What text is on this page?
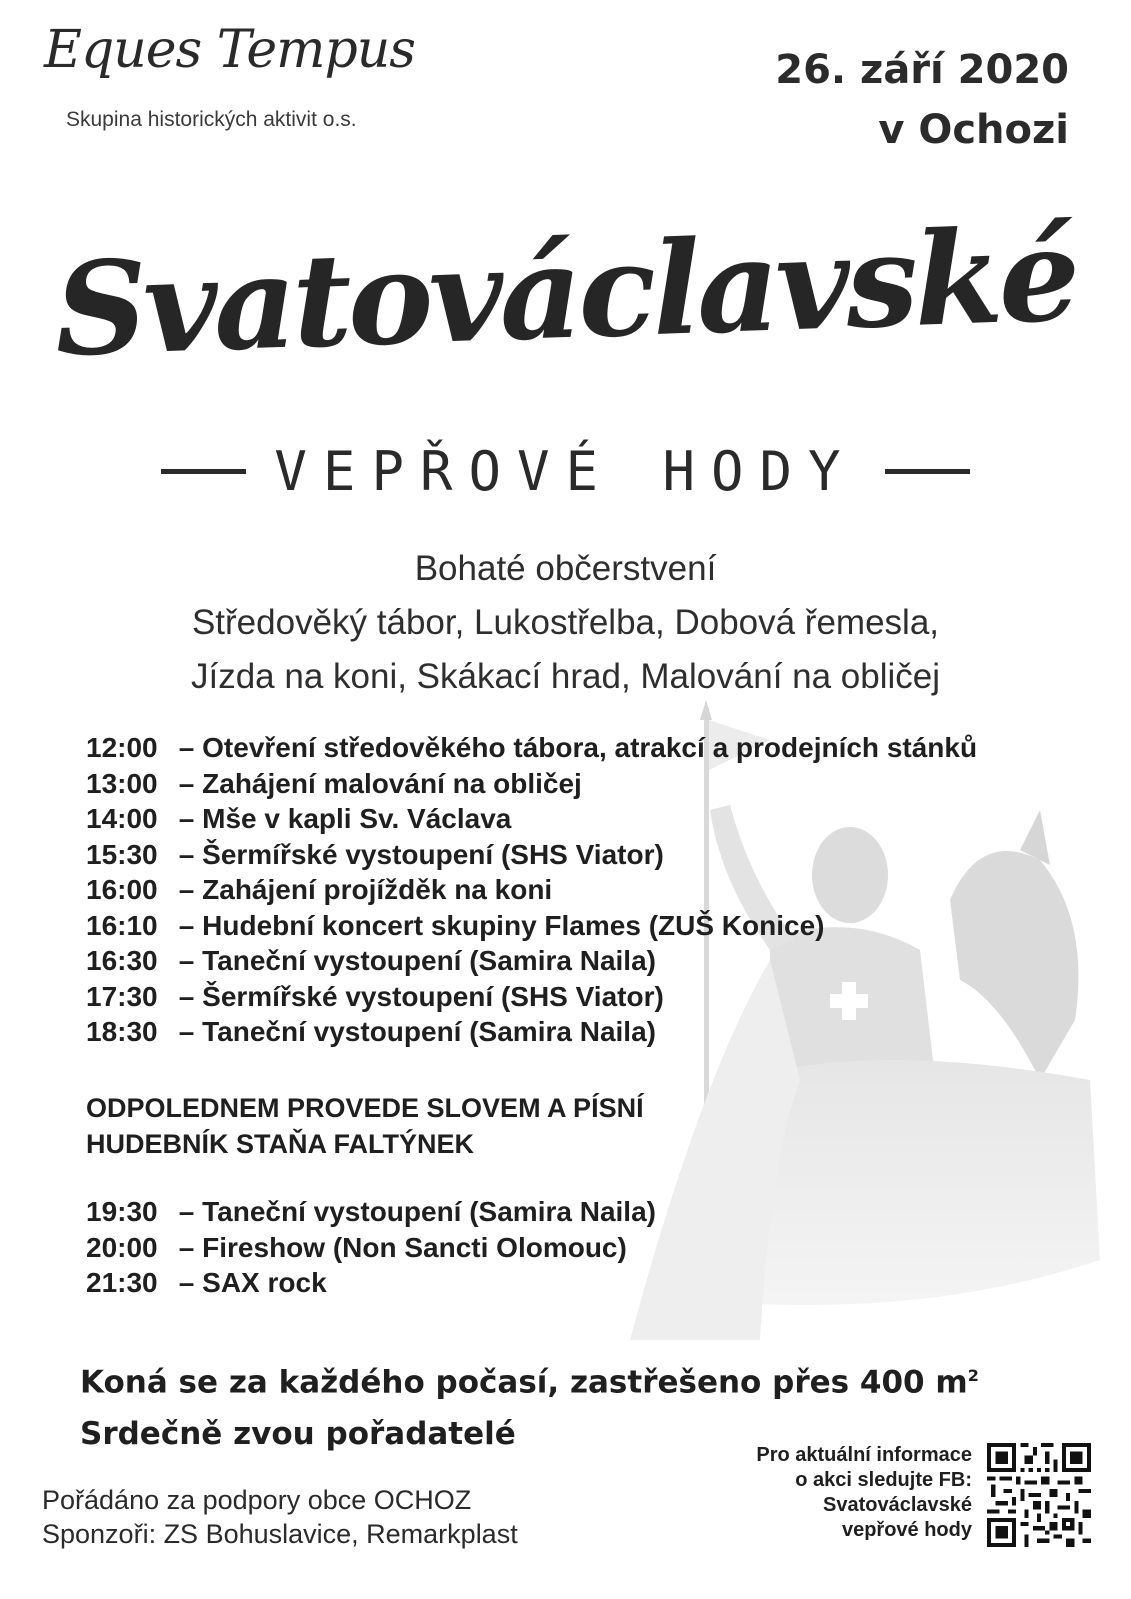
Eques Tempus
Skupina historických aktivit o.s.
26. září 2020
v Ochozi
Svatováclavské
VEPŘOVÉ HODY
Bohaté občerstvení
Středověký tábor, Lukostřelba, Dobová řemesla,
Jízda na koni, Skákací hrad, Malování na obličej
12:00 – Otevření středověkého tábora, atrakcí a prodejních stánků
13:00 – Zahájení malování na obličej
14:00 – Mše v kapli Sv. Václava
15:30 – Šermířské vystoupení (SHS Viator)
16:00 – Zahájení projížděk na koni
16:10 – Hudební koncert skupiny Flames (ZUŠ Konice)
16:30 – Taneční vystoupení (Samira Naila)
17:30 – Šermířské vystoupení (SHS Viator)
18:30 – Taneční vystoupení (Samira Naila)
ODPOLEDNEM PROVEDE SLOVEM A PÍSNÍ
HUDEBNÍK STAŇA FALTÝNEK
19:30 – Taneční vystoupení (Samira Naila)
20:00 – Fireshow (Non Sancti Olomouc)
21:30 – SAX rock
Koná se za každého počasí, zastřešeno přes 400 $m^2$
Srdečně zvou pořadatelé
Pořádáno za podpory obce OCHOZ
Sponzoři: ZS Bohuslavice, Remarkplast
Pro aktuální informace
o akci sledujte FB:
Svatováclavské
vepřové hody
